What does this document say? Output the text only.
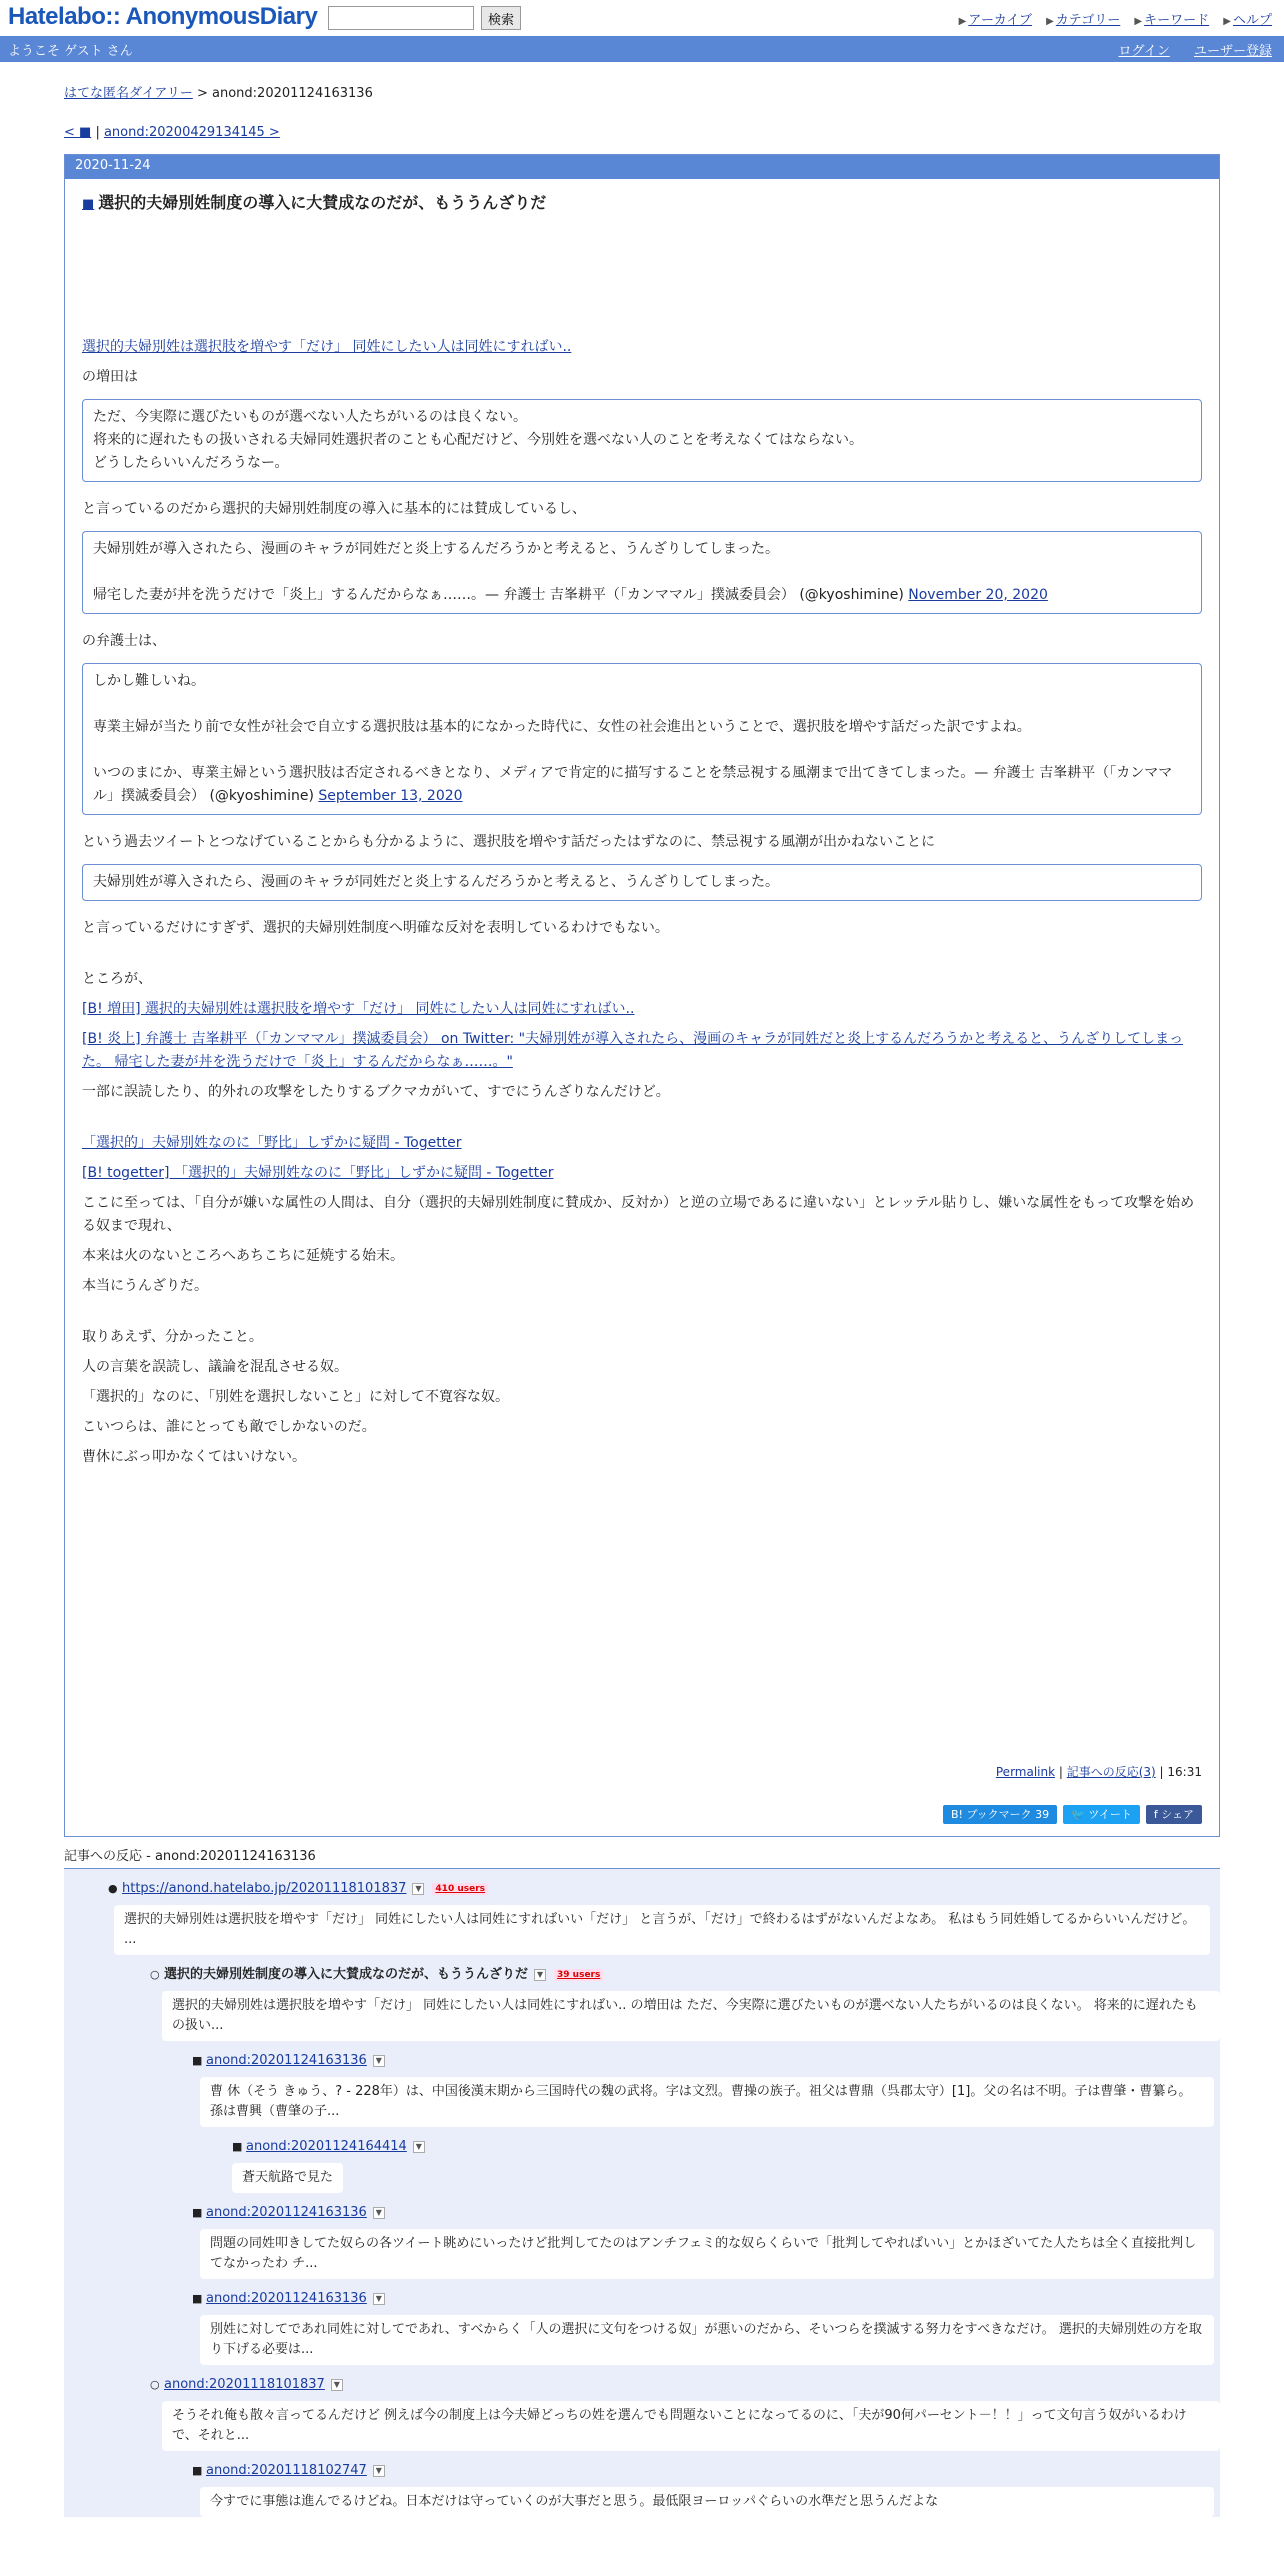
Hatelabo:: AnonymousDiary	検索	▶ アーカイブ ▶ カテゴリー ▶ キーワード ▶ ヘルプ
ようこそ ゲスト さん	ログイン ユーザー登録
はてな匿名ダイアリー > anond:20201124163136
< ■ | anond:20200429134145 >
2020-11-24
■ 選択的夫婦別姓制度の導入に大賛成なのだが、もううんざりだ
選択的夫婦別姓は選択肢を増やす「だけ」 同姓にしたい人は同姓にすればい..
の増田は
ただ、今実際に選びたいものが選べない人たちがいるのは良くない。
将来的に遅れたもの扱いされる夫婦同姓選択者のことも心配だけど、今別姓を選べない人のことを考えなくてはならない。
どうしたらいいんだろうなー。
と言っているのだから選択的夫婦別姓制度の導入に基本的には賛成しているし、
夫婦別姓が導入されたら、漫画のキャラが同姓だと炎上するんだろうかと考えると、うんざりしてしまった。
帰宅した妻が丼を洗うだけで「炎上」するんだからなぁ……。— 弁護士 吉峯耕平（「カンママル」撲滅委員会） (@kyoshimine) November 20, 2020
の弁護士は、
しかし難しいね。
専業主婦が当たり前で女性が社会で自立する選択肢は基本的になかった時代に、女性の社会進出ということで、選択肢を増やす話だった訳ですよね。
いつのまにか、専業主婦という選択肢は否定されるべきとなり、メディアで肯定的に描写することを禁忌視する風潮まで出てきてしまった。— 弁護士 吉峯耕平（「カンママル」撲滅委員会） (@kyoshimine) September 13, 2020
という過去ツイートとつなげていることからも分かるように、選択肢を増やす話だったはずなのに、禁忌視する風潮が出かねないことに
夫婦別姓が導入されたら、漫画のキャラが同姓だと炎上するんだろうかと考えると、うんざりしてしまった。
と言っているだけにすぎず、選択的夫婦別姓制度へ明確な反対を表明しているわけでもない。
ところが、
[B! 増田] 選択的夫婦別姓は選択肢を増やす「だけ」 同姓にしたい人は同姓にすればい..
[B! 炎上] 弁護士 吉峯耕平（「カンママル」撲滅委員会） on Twitter: "夫婦別姓が導入されたら、漫画のキャラが同姓だと炎上するんだろうかと考えると、うんざりしてしまった。 帰宅した妻が丼を洗うだけで「炎上」するんだからなぁ……。"
一部に誤読したり、的外れの攻撃をしたりするブクマカがいて、すでにうんざりなんだけど。
「選択的」夫婦別姓なのに「野比」しずかに疑問 - Togetter
[B! togetter] 「選択的」夫婦別姓なのに「野比」しずかに疑問 - Togetter
ここに至っては、「自分が嫌いな属性の人間は、自分（選択的夫婦別姓制度に賛成か、反対か）と逆の立場であるに違いない」とレッテル貼りし、嫌いな属性をもって攻撃を始める奴まで現れ、
本来は火のないところへあちこちに延焼する始末。
本当にうんざりだ。
取りあえず、分かったこと。
人の言葉を誤読し、議論を混乱させる奴。
「選択的」なのに、「別姓を選択しないこと」に対して不寛容な奴。
こいつらは、誰にとっても敵でしかないのだ。
曹休にぶっ叩かなくてはいけない。
Permalink | 記事への反応(3) | 16:31
B! ブックマーク 39 🐦 ツイート f シェア
記事への反応 - anond:20201124163136
● https://anond.hatelabo.jp/20201118101837 ▼ 410 users
選択的夫婦別姓は選択肢を増やす「だけ」 同姓にしたい人は同姓にすればいい「だけ」 と言うが、「だけ」で終わるはずがないんだよなあ。 私はもう同姓婚してるからいいんだけど。 ...
○ 選択的夫婦別姓制度の導入に大賛成なのだが、もううんざりだ ▼ 39 users
選択的夫婦別姓は選択肢を増やす「だけ」 同姓にしたい人は同姓にすればい.. の増田は ただ、今実際に選びたいものが選べない人たちがいるのは良くない。 将来的に遅れたもの扱い...
■ anond:20201124163136 ▼
曹 休（そう きゅう、? - 228年）は、中国後漢末期から三国時代の魏の武将。字は文烈。曹操の族子。祖父は曹鼎（呉郡太守）[1]。父の名は不明。子は曹肇・曹纂ら。孫は曹興（曹肇の子...
■ anond:20201124164414 ▼
蒼天航路で見た
■ anond:20201124163136 ▼
問題の同姓叩きしてた奴らの各ツイート眺めにいったけど批判してたのはアンチフェミ的な奴らくらいで「批判してやればいい」とかほざいてた人たちは全く直接批判してなかったわ チ...
■ anond:20201124163136 ▼
別姓に対してであれ同姓に対してであれ、すべからく「人の選択に文句をつける奴」が悪いのだから、そいつらを撲滅する努力をすべきなだけ。 選択的夫婦別姓の方を取り下げる必要は...
○ anond:20201118101837 ▼
そうそれ俺も散々言ってるんだけど 例えば今の制度上は今夫婦どっちの姓を選んでも問題ないことになってるのに、「夫が90何パーセント－！！」って文句言う奴がいるわけで、それと...
■ anond:20201118102747 ▼
今すでに事態は進んでるけどね。日本だけは守っていくのが大事だと思う。最低限ヨーロッパぐらいの水準だと思うんだよな
